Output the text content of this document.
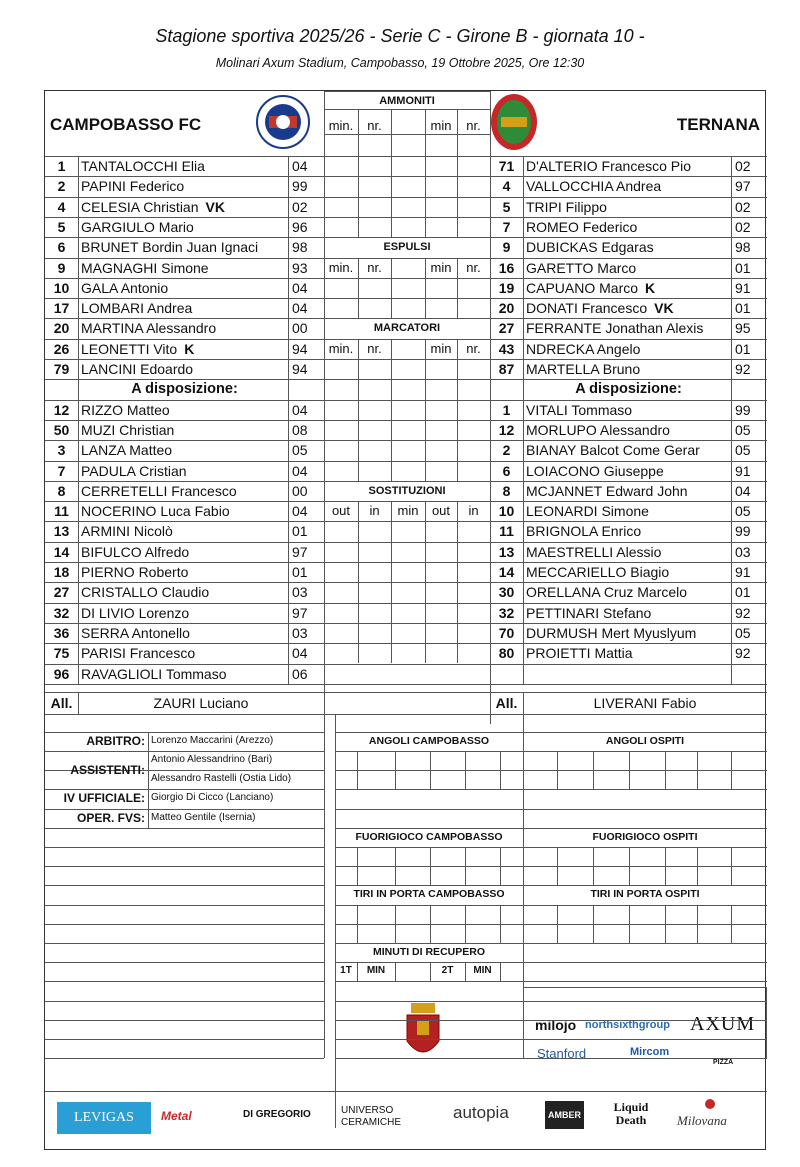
Stagione sportiva 2025/26 - Serie C - Girone B - giornata 10 -
Molinari Axum Stadium, Campobasso, 19 Ottobre 2025, Ore 12:30
CAMPOBASSO FC	TERNANA
milojo northsixthgroup AXUM
Stanford	Mircom
PIZZA
LEVIGAS	Metal	DI GREGORIO	UNIVERSO CERAMICHE
autopia	AMBER
Liquid Death	Milovana
AMMONITI
min.	nr.	min	nr.
ESPULSI
min.	nr.	min	nr.
MARCATORI
min.	nr.	min	nr.
SOSTITUZIONI
out	in	min	out	in
1	TANTALOCCHI Elia	04
2	PAPINI Federico	99
4	CELESIA Christian VK	02
5	GARGIULO Mario	96
6	BRUNET Bordin Juan Ignaci	98
9	MAGNAGHI Simone	93
10 GALA Antonio	04
17 LOMBARI Andrea	04
20 MARTINA Alessandro	00
26 LEONETTI Vito K	94
79 LANCINI Edoardo	94
A disposizione:
12 RIZZO Matteo	04
50 MUZI Christian	08
3	LANZA Matteo	05
7	PADULA Cristian	04
8	CERRETELLI Francesco	00
11 NOCERINO Luca Fabio	04
13 ARMINI Nicolò	01
14 BIFULCO Alfredo	97
18 PIERNO Roberto	01
27 CRISTALLO Claudio	03
32 DI LIVIO Lorenzo	97
36 SERRA Antonello	03
75 PARISI Francesco	04
96 RAVAGLIOLI Tommaso	06
71 D'ALTERIO Francesco Pio	02
4	VALLOCCHIA Andrea	97
5	TRIPI Filippo	02
7	ROMEO Federico	02
9	DUBICKAS Edgaras	98
16 GARETTO Marco	01
19 CAPUANO Marco K	91
20 DONATI Francesco VK	01
27 FERRANTE Jonathan Alexis	95
43 NDRECKA Angelo	01
87 MARTELLA Bruno	92
A disposizione:
1	VITALI Tommaso	99
12 MORLUPO Alessandro	05
2	BIANAY Balcot Come Gerar	05
6	LOIACONO Giuseppe	91
8	MCJANNET Edward John	04
10 LEONARDI Simone	05
11 BRIGNOLA Enrico	99
13 MAESTRELLI Alessio	03
14 MECCARIELLO Biagio	91
30 ORELLANA Cruz Marcelo	01
32 PETTINARI Stefano	92
70 DURMUSH Mert Myuslyum	05
80 PROIETTI Mattia	92
All.	ZAURI Luciano	All.	LIVERANI Fabio
ARBITRO: Lorenzo Maccarini (Arezzo)
IV UFFICIALE: Giorgio Di Cicco (Lanciano)
OPER. FVS: Matteo Gentile (Isernia)
ASSISTENTI:
Antonio Alessandrino (Bari)
Alessandro Rastelli (Ostia Lido)
ANGOLI CAMPOBASSO	ANGOLI OSPITI
FUORIGIOCO CAMPOBASSO	FUORIGIOCO OSPITI
TIRI IN PORTA CAMPOBASSO	TIRI IN PORTA OSPITI
MINUTI DI RECUPERO
1T	MIN	2T	MIN
